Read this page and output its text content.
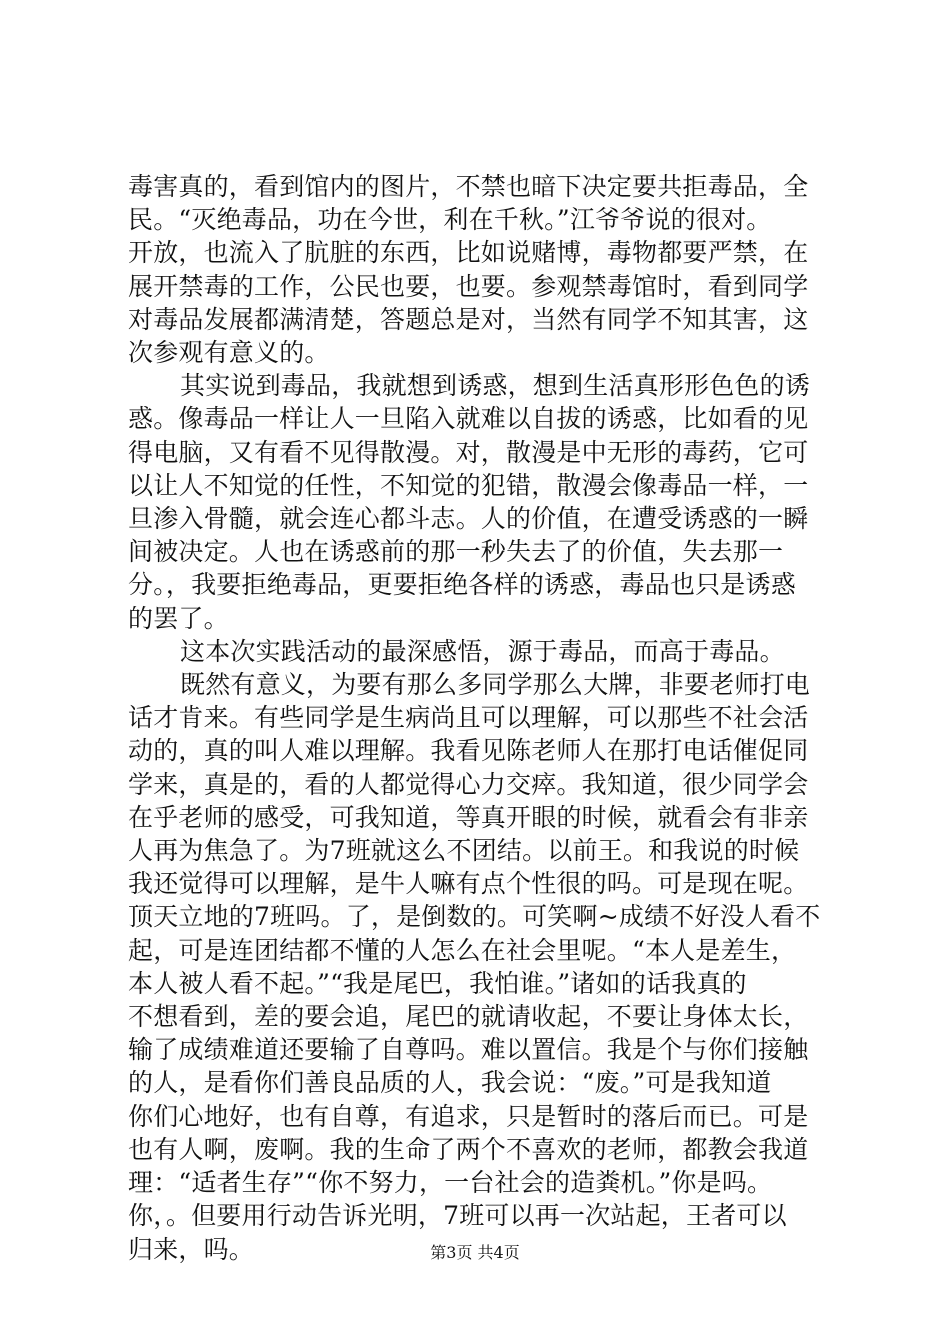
毒害真的，看到馆内的图片，不禁也暗下决定要共拒毒品，全
民。“灭绝毒品，功在今世，利在千秋。”江爷爷说的很对。
开放，也流入了肮脏的东西，比如说赌博，毒物都要严禁，在
展开禁毒的工作，公民也要，也要。参观禁毒馆时，看到同学
对毒品发展都满清楚，答题总是对，当然有同学不知其害，这
次参观有意义的。

其实说到毒品，我就想到诱惑，想到生活真形形色色的诱
惑。像毒品一样让人一旦陷入就难以自拔的诱惑，比如看的见
得电脑，又有看不见得散漫。对，散漫是中无形的毒药，它可
以让人不知觉的任性，不知觉的犯错，散漫会像毒品一样，一
旦渗入骨髓，就会连心都斗志。人的价值，在遭受诱惑的一瞬
间被决定。人也在诱惑前的那一秒失去了的价值，失去那一
分。，我要拒绝毒品，更要拒绝各样的诱惑，毒品也只是诱惑
的罢了。

这本次实践活动的最深感悟，源于毒品，而高于毒品。

既然有意义，为要有那么多同学那么大牌，非要老师打电
话才肯来。有些同学是生病尚且可以理解，可以那些不社会活
动的，真的叫人难以理解。我看见陈老师人在那打电话催促同
学来，真是的，看的人都觉得心力交瘁。我知道，很少同学会
在乎老师的感受，可我知道，等真开眼的时候，就看会有非亲
人再为焦急了。为7班就这么不团结。以前王。和我说的时候
我还觉得可以理解，是牛人嘛有点个性很的吗。可是现在呢。
顶天立地的7班吗。了，是倒数的。可笑啊~成绩不好没人看不
起，可是连团结都不懂的人怎么在社会里呢。“本人是差生，
本人被人看不起。”“我是尾巴，我怕谁。”诸如的话我真的
不想看到，差的要会追，尾巴的就请收起，不要让身体太长，
输了成绩难道还要输了自尊吗。难以置信。我是个与你们接触
的人，是看你们善良品质的人，我会说：“废。”可是我知道
你们心地好，也有自尊，有追求，只是暂时的落后而已。可是
也有人啊，废啊。我的生命了两个不喜欢的老师，都教会我道
理：“适者生存”“你不努力，一台社会的造粪机。”你是吗。
你，。但要用行动告诉光明，7班可以再一次站起，王者可以
归来，吗。	第3页 共4页
